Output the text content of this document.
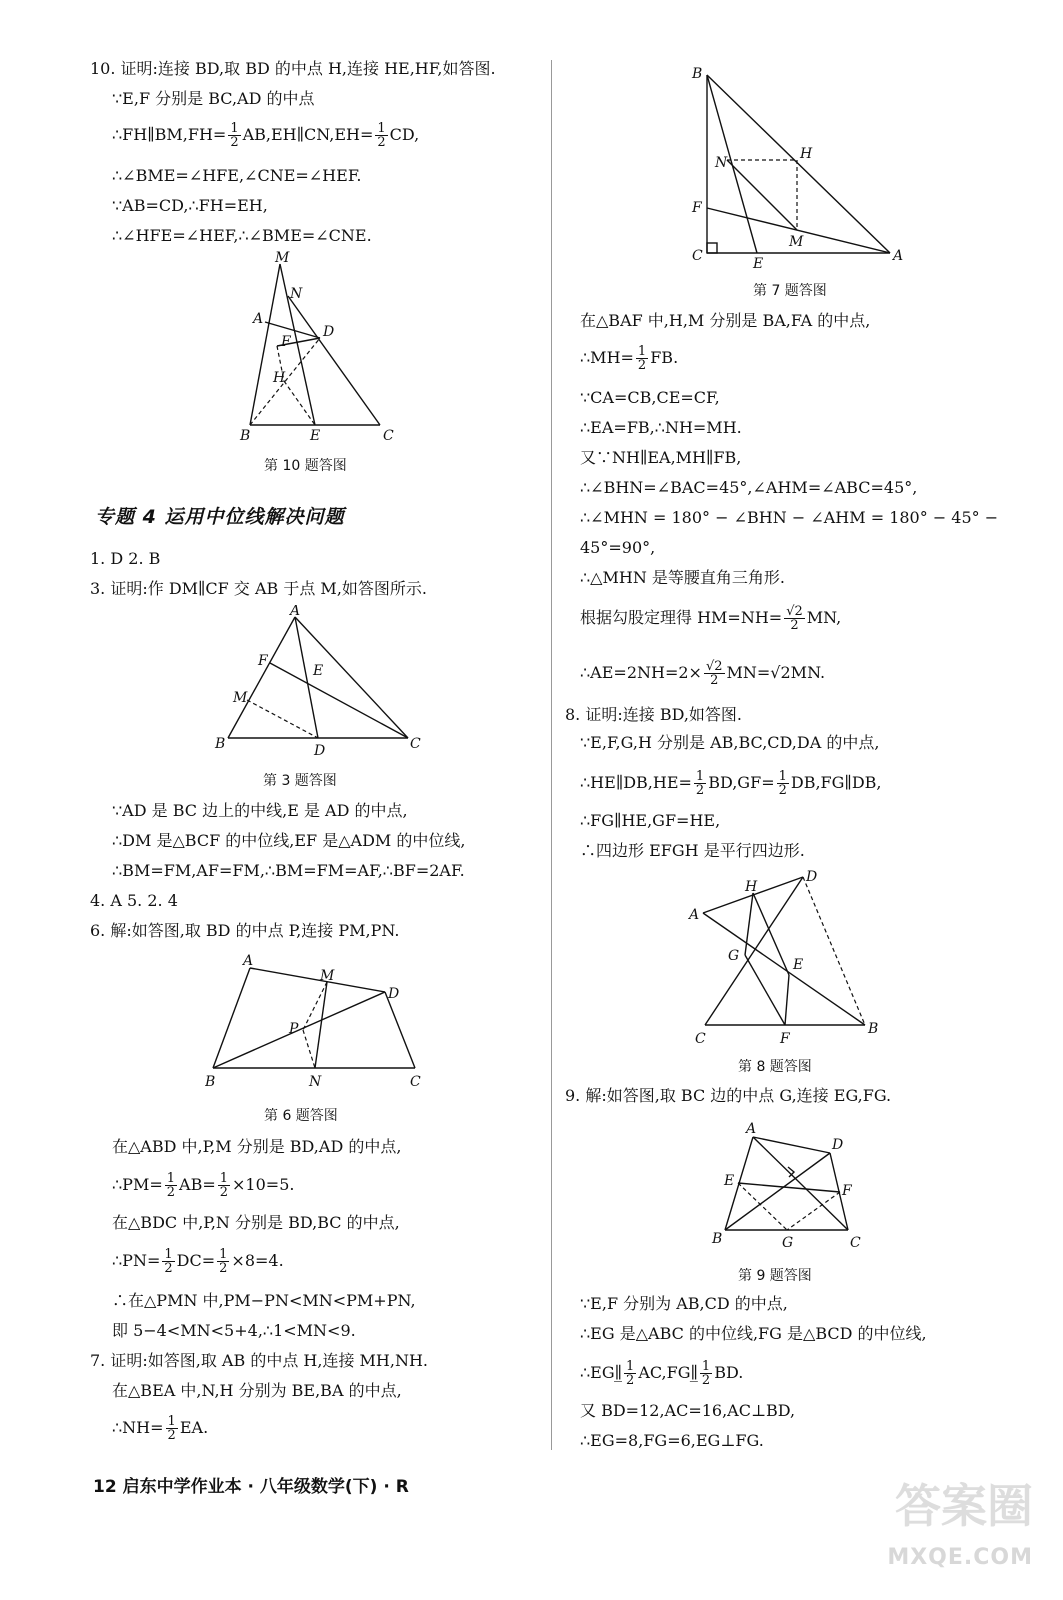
10. 证明:连接 BD,取 BD 的中点 H,连接 HE,HF,如答图.
∵E,F 分别是 BC,AD 的中点
∴FH∥BM,FH= $\frac{1}{2}$ AB,EH∥CN,EH= $\frac{1}{2}$ CD,
∴∠BME=∠HFE,∠CNE=∠HEF.
∵AB=CD,∴FH=EH,
∴∠HFE=∠HEF,∴∠BME=∠CNE.
M
N
A
D
F
H
B	E	C
第 10 题答图
专题 4 运用中位线解决问题
1. D 2. B
3. 证明:作 DM∥CF 交 AB 于点 M,如答图所示.
A
F
E
M
B	D	C
第 3 题答图
∵AD 是 BC 边上的中线,E 是 AD 的中点,
∴DM 是△BCF 的中位线,EF 是△ADM 的中位线,
∴BM=FM,AF=FM,∴BM=FM=AF,∴BF=2AF.
4. A 5. 2. 4
6. 解:如答图,取 BD 的中点 P,连接 PM,PN.
A
M
D
P
B	N	C
第 6 题答图
在△ABD 中,P,M 分别是 BD,AD 的中点,
∴PM= $\frac{1}{2} AB= \frac{1}{2} \times 10=5$.
在△BDC 中,P,N 分别是 BD,BC 的中点,
∴PN= $\frac{1}{2} DC= \frac{1}{2} \times 8=4$.
∴在△PMN 中,PM−PN<MN<PM+PN,
即 5−4<MN<5+4,∴1<MN<9.
7. 证明:如答图,取 AB 的中点 H,连接 MH,NH.
在△BEA 中,N,H 分别为 BE,BA 的中点,
∴NH= $\frac{1}{2}$ EA.
B
N
H
F
M
C	E	A
第 7 题答图
在△BAF 中,H,M 分别是 BA,FA 的中点,
∴MH= $\frac{1}{2}$ FB.
∵CA=CB,CE=CF,
∴EA=FB,∴NH=MH.
又∵NH∥EA,MH∥FB,
∴∠BHN=∠BAC=45°,∠AHM=∠ABC=45°,
∴∠MHN = 180° − ∠BHN − ∠AHM = 180° − 45° −
45°=90°,
∴△MHN 是等腰直角三角形.
根据勾股定理得 $HM=NH= \frac{√2}{2}$ MN,
∴AE=2NH=2× $\frac{√2}{2} MN=√2MN$.
8. 证明:连接 BD,如答图.
∵E,F,G,H 分别是 AB,BC,CD,DA 的中点,
∴HE∥DB,HE= $\frac{1}{2} BD,GF= \frac{1}{2}$ DB,FG∥DB,
∴FG∥HE,GF=HE,
∴四边形 EFGH 是平行四边形.
A
H
D
G
E
C	F
B
第 8 题答图
9. 解:如答图,取 BC 边的中点 G,连接 EG,FG.
A
D
E
F
B	G	C
第 9 题答图
∵E,F 分别为 AB,CD 的中点,
∴EG 是△ABC 的中位线,FG 是△BCD 的中位线,
∴EG∥̲ $\frac{1}{2}$ AC,FG∥̲ $\frac{1}{2}$ BD.
又 BD=12,AC=16,AC⊥BD,
∴EG=8,FG=6,EG⊥FG.
12 启东中学作业本 · 八年级数学(下) · R	答案圈
MXQE.COM
